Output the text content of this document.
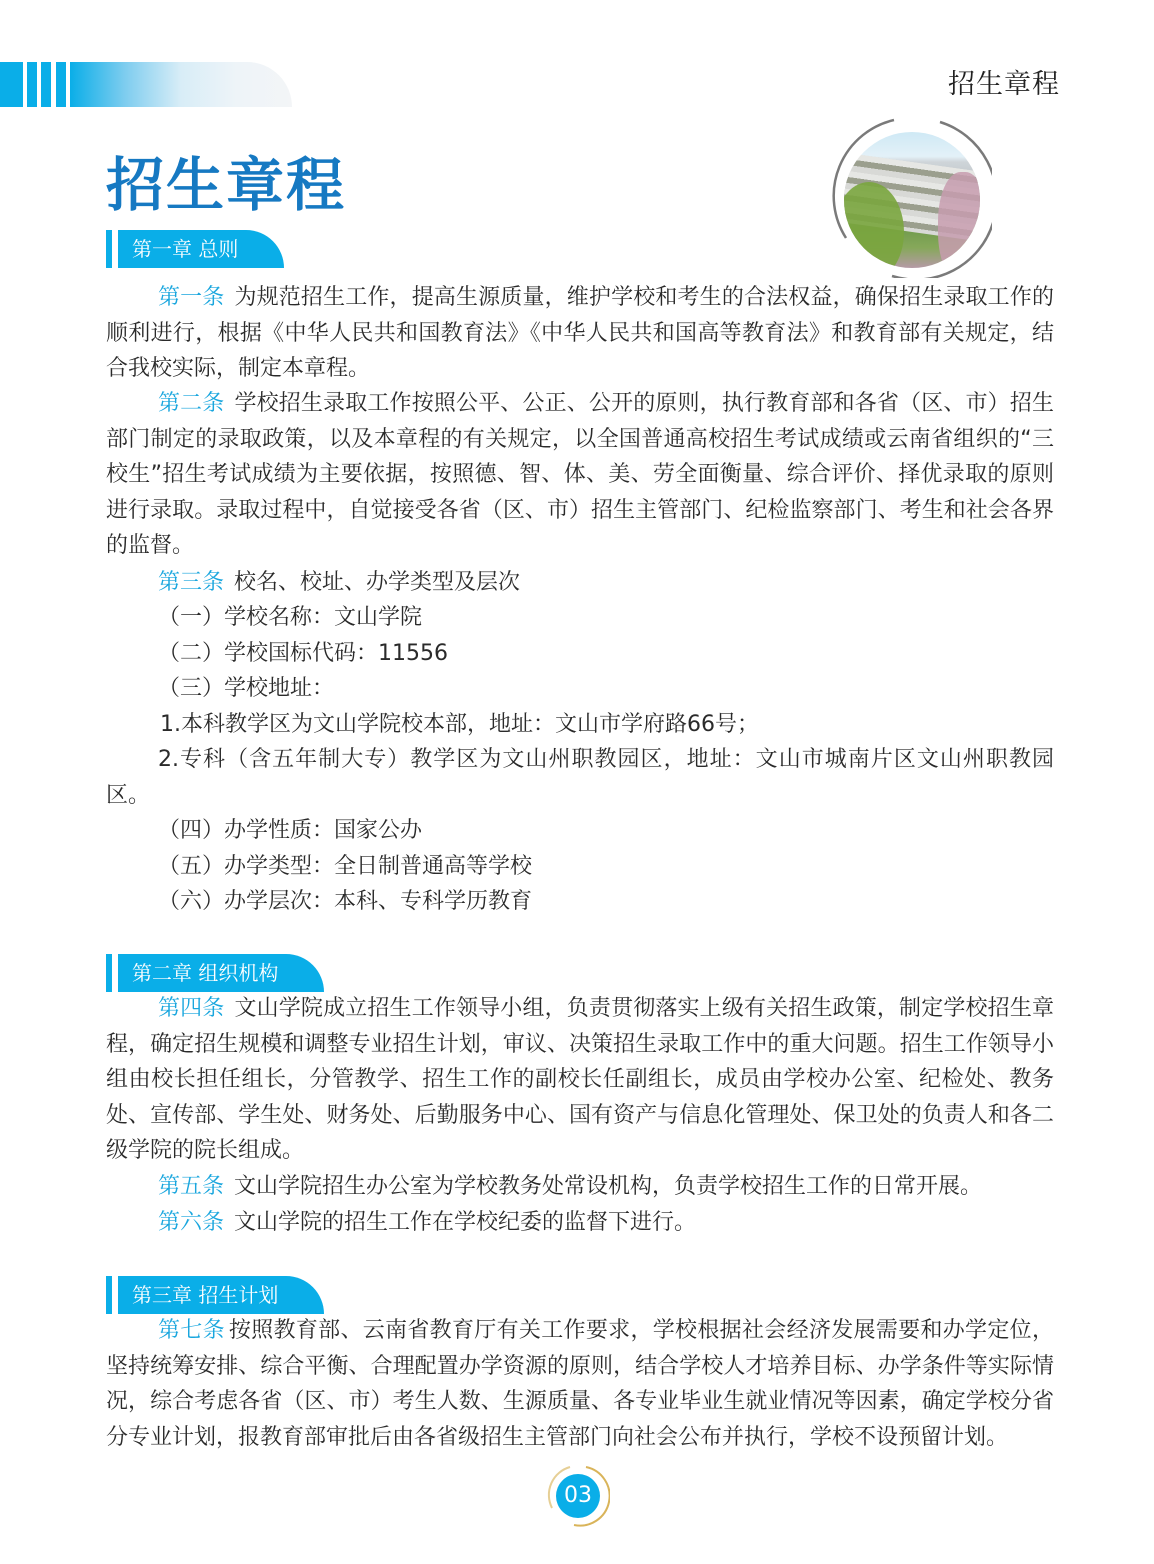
招生章程
招生章程
第一章 总则
第一条 为规范招生工作，提高生源质量，维护学校和考生的合法权益，确保招生录取工作的顺利进行，根据《中华人民共和国教育法》《中华人民共和国高等教育法》和教育部有关规定，结合我校实际，制定本章程。
第二条 学校招生录取工作按照公平、公正、公开的原则，执行教育部和各省（区、市）招生部门制定的录取政策，以及本章程的有关规定，以全国普通高校招生考试成绩或云南省组织的“三校生”招生考试成绩为主要依据，按照德、智、体、美、劳全面衡量、综合评价、择优录取的原则进行录取。录取过程中，自觉接受各省（区、市）招生主管部门、纪检监察部门、考生和社会各界的监督。
第三条 校名、校址、办学类型及层次
（一）学校名称：文山学院
（二）学校国标代码：11556
（三）学校地址：
1.本科教学区为文山学院校本部，地址：文山市学府路66号；
2.专科（含五年制大专）教学区为文山州职教园区，地址：文山市城南片区文山州职教园区。
（四）办学性质：国家公办
（五）办学类型：全日制普通高等学校
（六）办学层次：本科、专科学历教育
第二章 组织机构
第四条 文山学院成立招生工作领导小组，负责贯彻落实上级有关招生政策，制定学校招生章程，确定招生规模和调整专业招生计划，审议、决策招生录取工作中的重大问题。招生工作领导小组由校长担任组长，分管教学、招生工作的副校长任副组长，成员由学校办公室、纪检处、教务处、宣传部、学生处、财务处、后勤服务中心、国有资产与信息化管理处、保卫处的负责人和各二级学院的院长组成。
第五条 文山学院招生办公室为学校教务处常设机构，负责学校招生工作的日常开展。
第六条 文山学院的招生工作在学校纪委的监督下进行。
第三章 招生计划
第七条 按照教育部、云南省教育厅有关工作要求，学校根据社会经济发展需要和办学定位，坚持统筹安排、综合平衡、合理配置办学资源的原则，结合学校人才培养目标、办学条件等实际情况，综合考虑各省（区、市）考生人数、生源质量、各专业毕业生就业情况等因素，确定学校分省分专业计划，报教育部审批后由各省级招生主管部门向社会公布并执行，学校不设预留计划。
03
